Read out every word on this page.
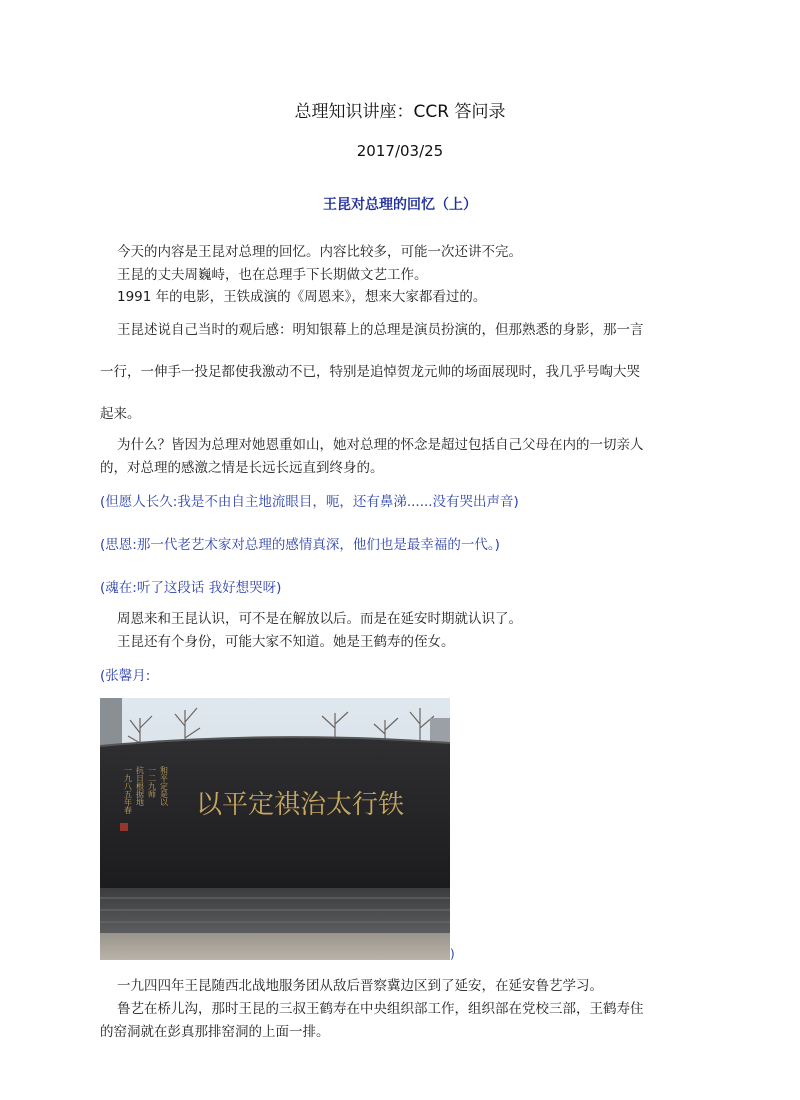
总理知识讲座：CCR 答问录
2017/03/25
王昆对总理的回忆（上）
今天的内容是王昆对总理的回忆。内容比较多，可能一次还讲不完。
王昆的丈夫周巍峙，也在总理手下长期做文艺工作。
1991 年的电影，王铁成演的《周恩来》，想来大家都看过的。
王昆述说自己当时的观后感：明知银幕上的总理是演员扮演的，但那熟悉的身影，那一言
一行，一伸手一投足都使我激动不已，特别是追悼贺龙元帅的场面展现时，我几乎号啕大哭
起来。
为什么？皆因为总理对她恩重如山，她对总理的怀念是超过包括自己父母在内的一切亲人
的，对总理的感激之情是长远长远直到终身的。
(但愿人长久:我是不由自主地流眼目，呃，还有鼻涕......没有哭出声音)
(思恩:那一代老艺术家对总理的感情真深，他们也是最幸福的一代。)
(魂在:听了这段话 我好想哭呀)
周恩来和王昆认识，可不是在解放以后。而是在延安时期就认识了。
王昆还有个身份，可能大家不知道。她是王鹤寿的侄女。
(张馨月:
以平定祺治太行铁
一九八五年春 抗日根据地 一二九师 和平定是以
)
一九四四年王昆随西北战地服务团从敌后晋察冀边区到了延安，在延安鲁艺学习。
鲁艺在桥儿沟，那时王昆的三叔王鹤寿在中央组织部工作，组织部在党校三部，王鹤寿住
的窑洞就在彭真那排窑洞的上面一排。
